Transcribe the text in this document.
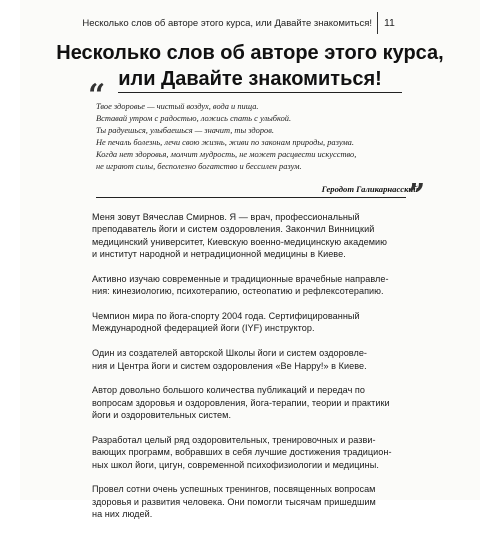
Несколько слов об авторе этого курса, или Давайте знакомиться! 11
Несколько слов об авторе этого курса,
или Давайте знакомиться!
“
Твое здоровье — чистый воздух, вода и пища.
Вставай утром с радостью, ложись спать с улыбкой.
Ты радуешься, улыбаешься — значит, ты здоров.
Не печаль болезнь, лечи свою жизнь, живи по законам природы, разума.
Когда нет здоровья, молчит мудрость, не может расцвести искусство,
не играют силы, бесполезно богатство и бессилен разум.
Геродот Галикарнасский
”
Меня зовут Вячеслав Смирнов. Я — врач, профессиональный
преподаватель йоги и систем оздоровления. Закончил Винницкий
медицинский университет, Киевскую военно-медицинскую академию
и институт народной и нетрадиционной медицины в Киеве.
Активно изучаю современные и традиционные врачебные направле-
ния: кинезиологию, психотерапию, остеопатию и рефлексотерапию.
Чемпион мира по йога-спорту 2004 года. Сертифицированный
Международной федерацией йоги (IYF) инструктор.
Один из создателей авторской Школы йоги и систем оздоровле-
ния и Центра йоги и систем оздоровления «Be Happy!» в Киеве.
Автор довольно большого количества публикаций и передач по
вопросам здоровья и оздоровления, йога-терапии, теории и практики
йоги и оздоровительных систем.
Разработал целый ряд оздоровительных, тренировочных и разви-
вающих программ, вобравших в себя лучшие достижения традицион-
ных школ йоги, цигун, современной психофизиологии и медицины.
Провел сотни очень успешных тренингов, посвященных вопросам
здоровья и развития человека. Они помогли тысячам пришедшим
на них людей.
